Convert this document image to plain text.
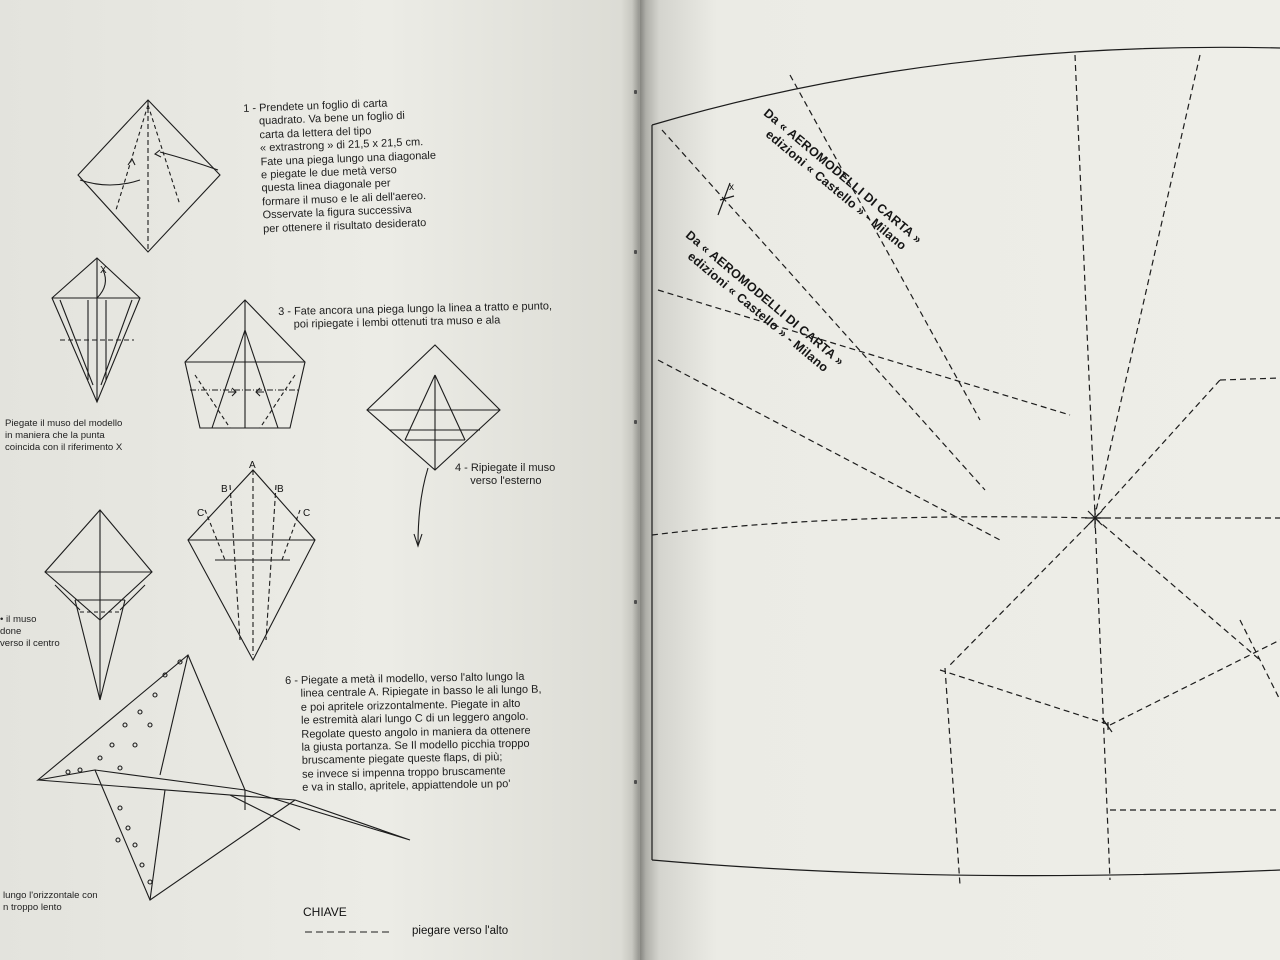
1 - Prendete un foglio di carta
quadrato. Va bene un foglio di
carta da lettera del tipo
« extrastrong » di 21,5 x 21,5 cm.
Fate una piega lungo una diagonale
e piegate le due metà verso
questa linea diagonale per
formare il muso e le ali dell'aereo.
Osservate la figura successiva
per ottenere il risultato desiderato
Piegate il muso del modello
in maniera che la punta
coincida con il riferimento X
3 - Fate ancora una piega lungo la linea a tratto e punto,
poi ripiegate i lembi ottenuti tra muso e ala
4 - Ripiegate il muso
verso l'esterno
• il muso
done
verso il centro
6 - Piegate a metà il modello, verso l'alto lungo la
linea centrale A. Ripiegate in basso le ali lungo B,
e poi apritele orizzontalmente. Piegate in alto
le estremità alari lungo C di un leggero angolo.
Regolate questo angolo in maniera da ottenere
la giusta portanza. Se Il modello picchia troppo
bruscamente piegate queste flaps, di più;
se invece si impenna troppo bruscamente
e va in stallo, apritele, appiattendole un po'
lungo l'orizzontale con
n troppo lento
X
A
B	B
C	C
CHIAVE
piegare verso l'alto
x	Da « AEROMODELLI DI CARTA »
edizioni « Castello » - Milano
Da « AEROMODELLI DI CARTA »
edizioni « Castello » - Milano
